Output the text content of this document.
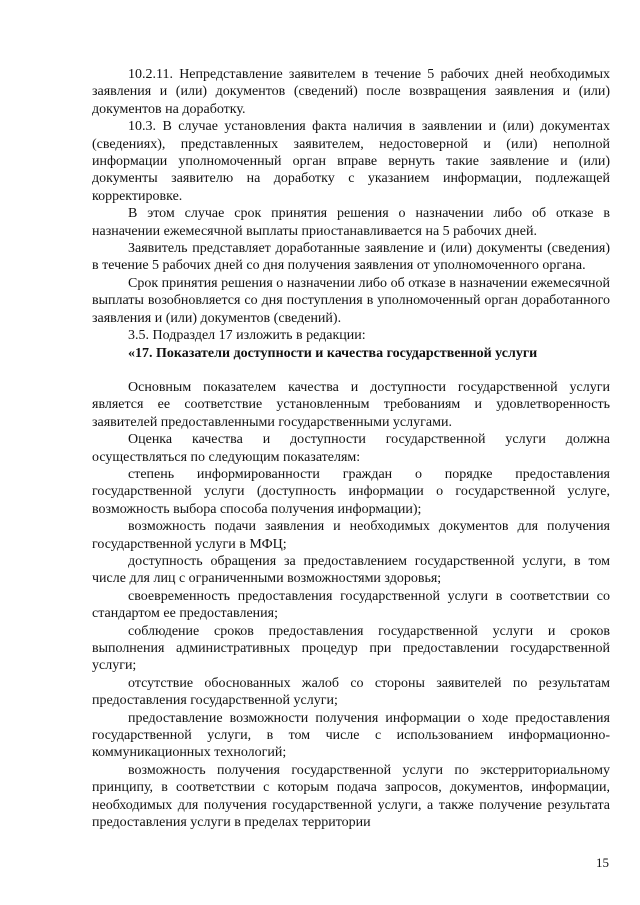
10.2.11. Непредставление заявителем в течение 5 рабочих дней необходимых заявления и (или) документов (сведений) после возвращения заявления и (или) документов на доработку.

10.3. В случае установления факта наличия в заявлении и (или) документах (сведениях), представленных заявителем, недостоверной и (или) неполной информации уполномоченный орган вправе вернуть такие заявление и (или) документы заявителю на доработку с указанием информации, подлежащей корректировке.

В этом случае срок принятия решения о назначении либо об отказе в назначении ежемесячной выплаты приостанавливается на 5 рабочих дней.

Заявитель представляет доработанные заявление и (или) документы (сведения) в течение 5 рабочих дней со дня получения заявления от уполномоченного органа.

Срок принятия решения о назначении либо об отказе в назначении ежемесячной выплаты возобновляется со дня поступления в уполномоченный орган доработанного заявления и (или) документов (сведений).

3.5. Подраздел 17 изложить в редакции:

«17. Показатели доступности и качества государственной услуги

Основным показателем качества и доступности государственной услуги является ее соответствие установленным требованиям и удовлетворенность заявителей предоставленными государственными услугами.

Оценка качества и доступности государственной услуги должна осуществляться по следующим показателям:

степень информированности граждан о порядке предоставления государственной услуги (доступность информации о государственной услуге, возможность выбора способа получения информации);

возможность подачи заявления и необходимых документов для получения государственной услуги в МФЦ;

доступность обращения за предоставлением государственной услуги, в том числе для лиц с ограниченными возможностями здоровья;

своевременность предоставления государственной услуги в соответствии со стандартом ее предоставления;

соблюдение сроков предоставления государственной услуги и сроков выполнения административных процедур при предоставлении государственной услуги;

отсутствие обоснованных жалоб со стороны заявителей по результатам предоставления государственной услуги;

предоставление возможности получения информации о ходе предоставления государственной услуги, в том числе с использованием информационно-коммуникационных технологий;

возможность получения государственной услуги по экстерриториальному принципу, в соответствии с которым подача запросов, документов, информации, необходимых для получения государственной услуги, а также получение результата предоставления услуги в пределах территории

15
